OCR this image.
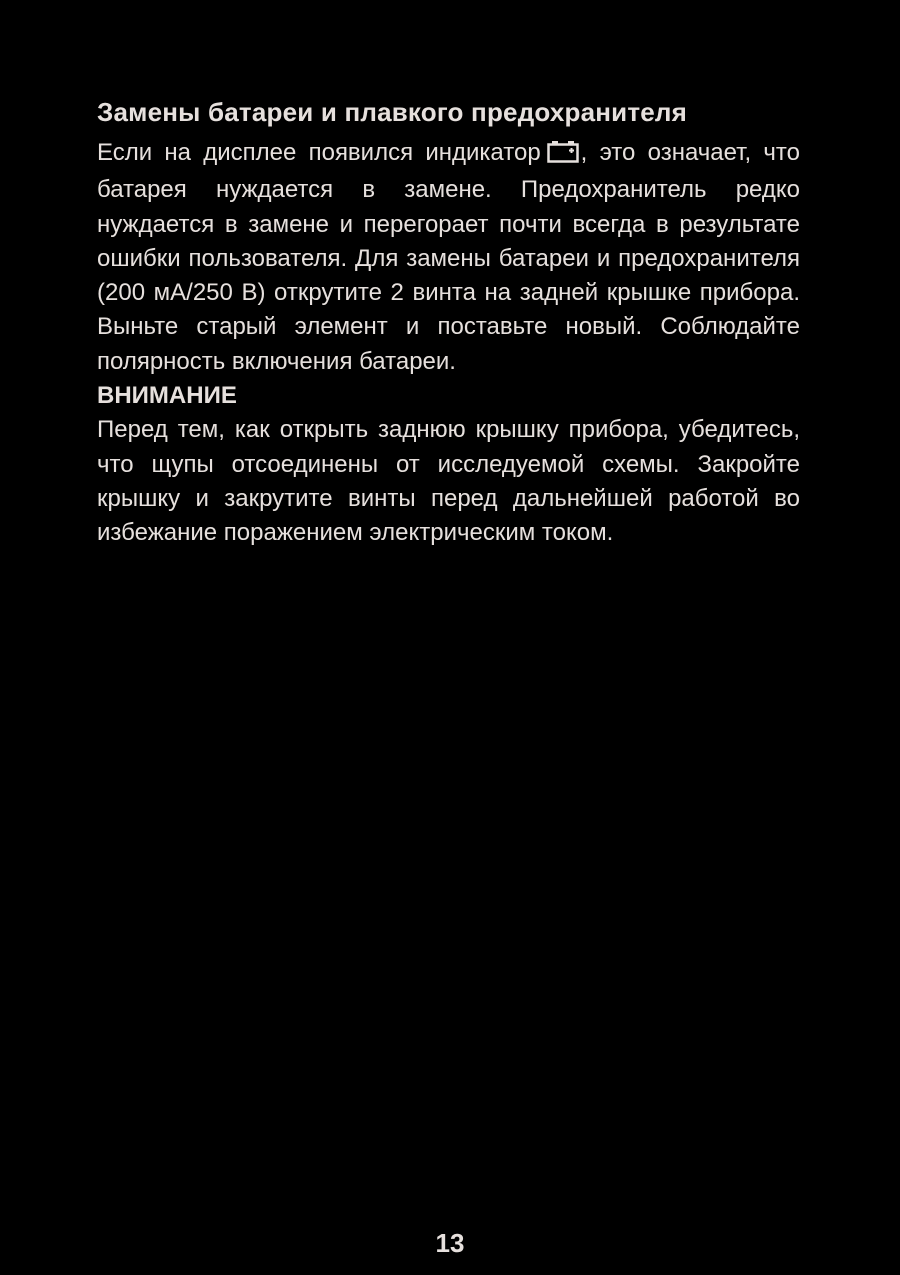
Замены батареи и плавкого предохранителя

Если на дисплее появился индикатор , это означает, что батарея нуждается в замене. Предохранитель редко нуждается в замене и перегорает почти всегда в результате ошибки пользователя. Для замены батареи и предохранителя (200 мА/250 В) открутите 2 винта на задней крышке прибора. Выньте старый элемент и поставьте новый. Соблюдайте полярность включения батареи.

ВНИМАНИЕ

Перед тем, как открыть заднюю крышку прибора, убедитесь, что щупы отсоединены от исследуемой схемы. Закройте крышку и закрутите винты перед дальнейшей работой во избежание поражением электрическим током.

13
